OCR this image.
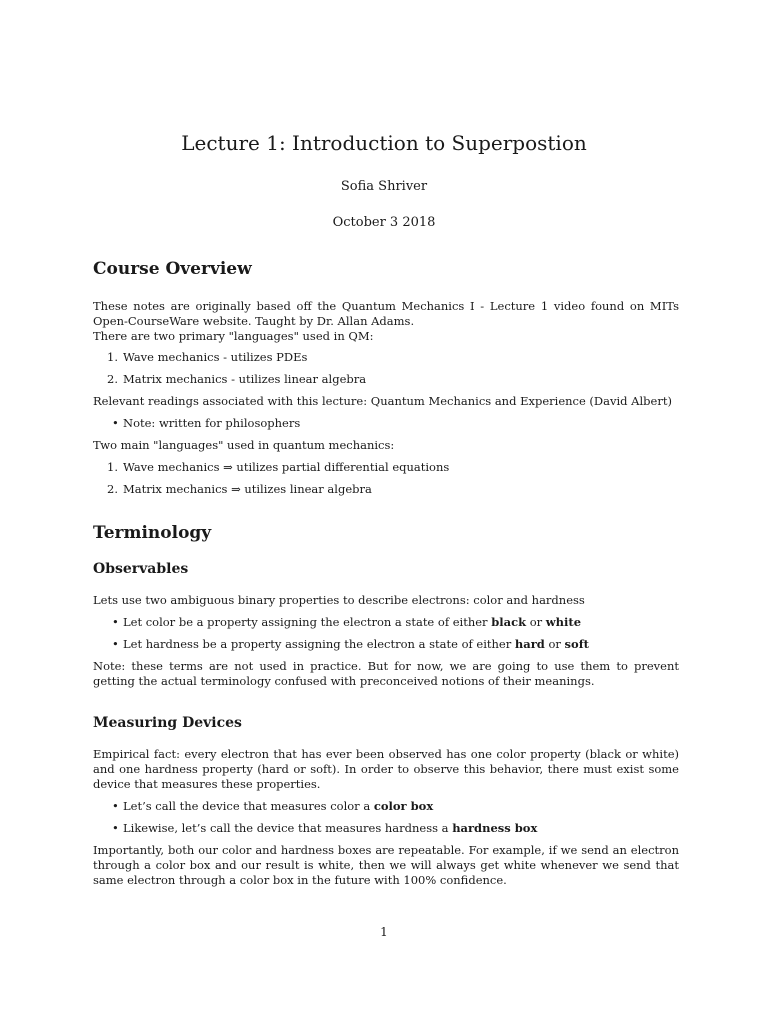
Lecture 1: Introduction to Superpostion
Sofia Shriver
October 3 2018
Course Overview

These notes are originally based off the Quantum Mechanics I - Lecture 1 video found on MITs Open-CourseWare website. Taught by Dr. Allan Adams.

There are two primary "languages" used in QM:

1. Wave mechanics - utilizes PDEs
2. Matrix mechanics - utilizes linear algebra

Relevant readings associated with this lecture: Quantum Mechanics and Experience (David Albert)

• Note: written for philosophers

Two main "languages" used in quantum mechanics:

1. Wave mechanics ⇒ utilizes partial differential equations
2. Matrix mechanics ⇒ utilizes linear algebra
Terminology
Observables

Lets use two ambiguous binary properties to describe electrons: color and hardness

• Let color be a property assigning the electron a state of either black or white
• Let hardness be a property assigning the electron a state of either hard or soft

Note: these terms are not used in practice. But for now, we are going to use them to prevent getting the actual terminology confused with preconceived notions of their meanings.

Measuring Devices

Empirical fact: every electron that has ever been observed has one color property (black or white) and one hardness property (hard or soft). In order to observe this behavior, there must exist some device that measures these properties.

• Let’s call the device that measures color a color box
• Likewise, let’s call the device that measures hardness a hardness box

Importantly, both our color and hardness boxes are repeatable. For example, if we send an electron through a color box and our result is white, then we will always get white whenever we send that same electron through a color box in the future with 100% confidence.

1
